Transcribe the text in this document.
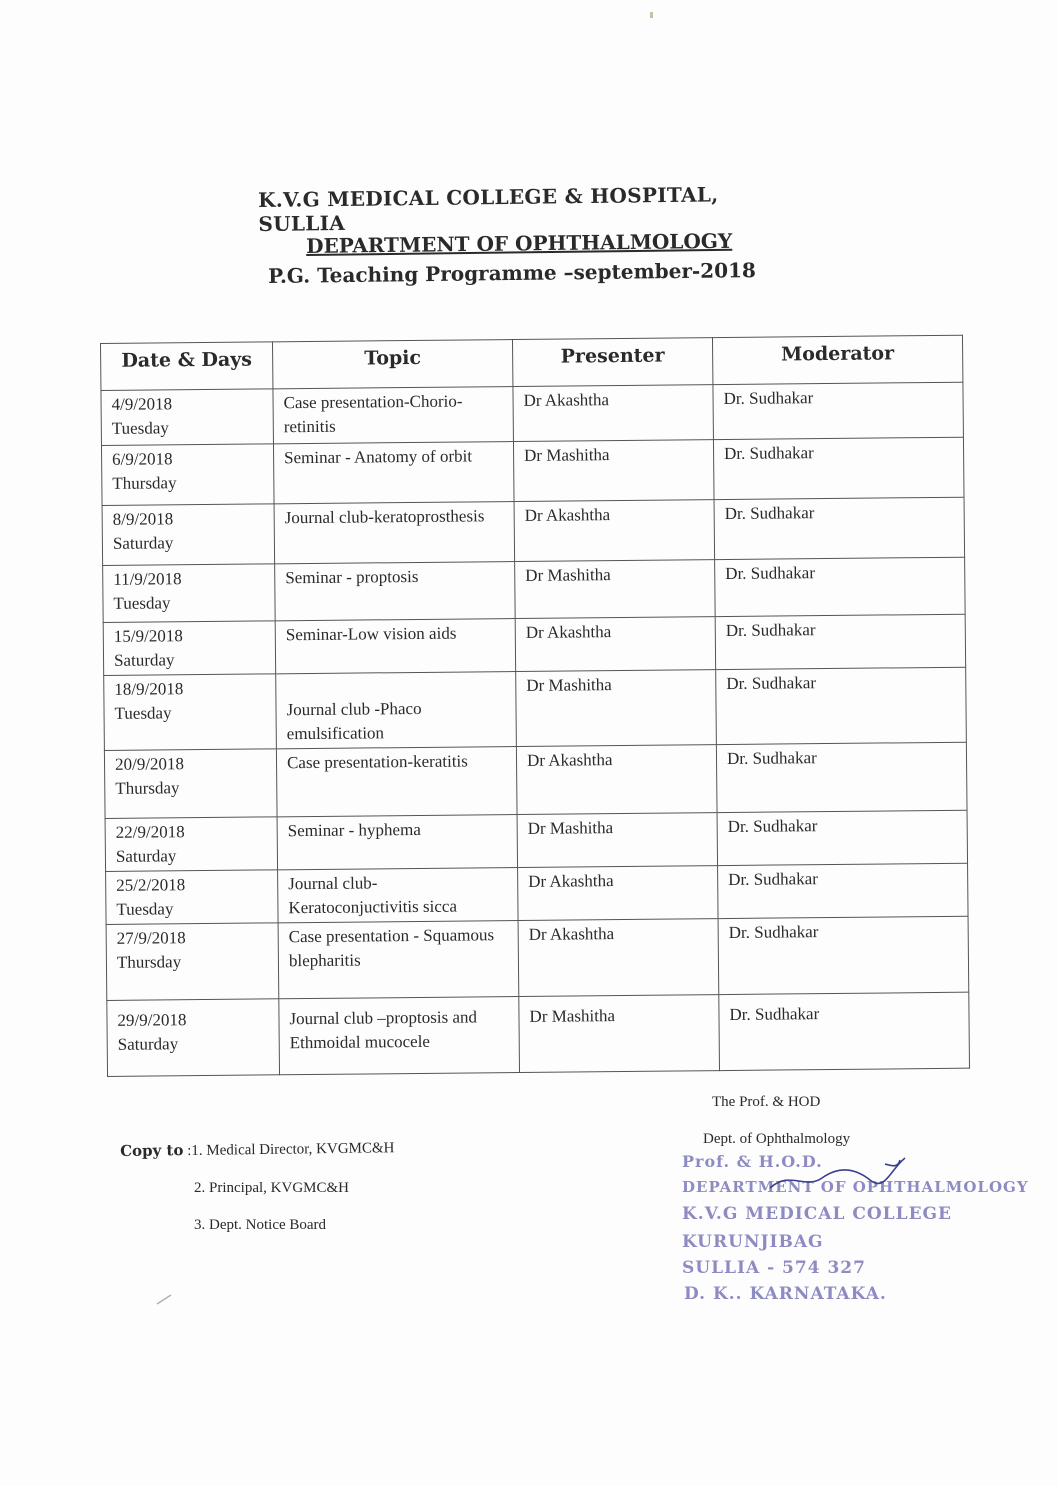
K.V.G MEDICAL COLLEGE & HOSPITAL, SULLIA
DEPARTMENT OF OPHTHALMOLOGY
P.G. Teaching Programme –september-2018
Date & Days	Topic	Presenter	Moderator

4/9/2018
Tuesday	Case presentation-Chorio-retinitis	Dr Akashtha	Dr. Sudhakar

6/9/2018
Thursday	Seminar - Anatomy of orbit	Dr Mashitha	Dr. Sudhakar

8/9/2018
Saturday	Journal club-keratoprosthesis	Dr Akashtha	Dr. Sudhakar

11/9/2018
Tuesday	Seminar - proptosis	Dr Mashitha	Dr. Sudhakar

15/9/2018
Saturday	Seminar-Low vision aids	Dr Akashtha	Dr. Sudhakar

18/9/2018
Tuesday	Journal club -Phaco emulsification	Dr Mashitha	Dr. Sudhakar

20/9/2018
Thursday	Case presentation-keratitis	Dr Akashtha	Dr. Sudhakar

22/9/2018
Saturday	Seminar - hyphema	Dr Mashitha	Dr. Sudhakar

25/2/2018
Tuesday	Journal club-Keratoconjuctivitis sicca	Dr Akashtha	Dr. Sudhakar

27/9/2018
Thursday	Case presentation - Squamous blepharitis	Dr Akashtha	Dr. Sudhakar

29/9/2018
Saturday	Journal club –proptosis and Ethmoidal mucocele	Dr Mashitha	Dr. Sudhakar
The Prof. & HOD
Dept. of Ophthalmology
Copy to :1. Medical Director, KVGMC&H
2. Principal, KVGMC&H
3. Dept. Notice Board
Prof. & H.O.D.
DEPARTMENT OF OPHTHALMOLOGY
K.V.G MEDICAL COLLEGE
KURUNJIBAG
SULLIA - 574 327
D. K.. KARNATAKA.
